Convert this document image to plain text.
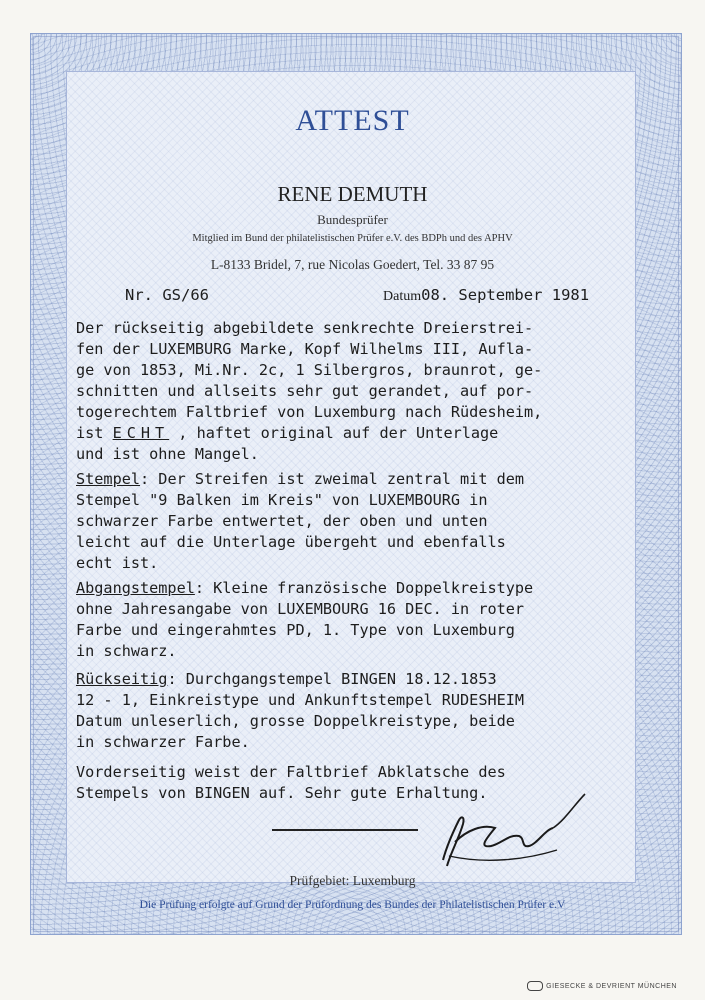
ATTEST
RENE DEMUTH
Bundesprüfer
Mitglied im Bund der philatelistischen Prüfer e.V. des BDPh und des APHV
L-8133 Bridel, 7, rue Nicolas Goedert, Tel. 33 87 95
Nr. GS/66	Datum08. September 1981
Der rückseitig abgebildete senkrechte Dreierstrei-
fen der LUXEMBURG Marke, Kopf Wilhelms III, Aufla-
ge von 1853, Mi.Nr. 2c, 1 Silbergros, braunrot, ge-
schnitten und allseits sehr gut gerandet, auf por-
togerechtem Faltbrief von Luxemburg nach Rüdesheim,
ist ECHT , haftet original auf der Unterlage
und ist ohne Mangel.
Stempel: Der Streifen ist zweimal zentral mit dem
Stempel "9 Balken im Kreis" von LUXEMBOURG in
schwarzer Farbe entwertet, der oben und unten
leicht auf die Unterlage übergeht und ebenfalls
echt ist.
Abgangstempel: Kleine französische Doppelkreistype
ohne Jahresangabe von LUXEMBOURG 16 DEC. in roter
Farbe und eingerahmtes PD, 1. Type von Luxemburg
in schwarz.
Rückseitig: Durchgangstempel BINGEN 18.12.1853
12 - 1, Einkreistype und Ankunftstempel RUDESHEIM
Datum unleserlich, grosse Doppelkreistype, beide
in schwarzer Farbe.
Vorderseitig weist der Faltbrief Abklatsche des
Stempels von BINGEN auf. Sehr gute Erhaltung.
Prüfgebiet: Luxemburg
Die Prüfung erfolgte auf Grund der Prüfordnung des Bundes der Philatelistischen Prüfer e.V
GIESECKE & DEVRIENT MÜNCHEN
